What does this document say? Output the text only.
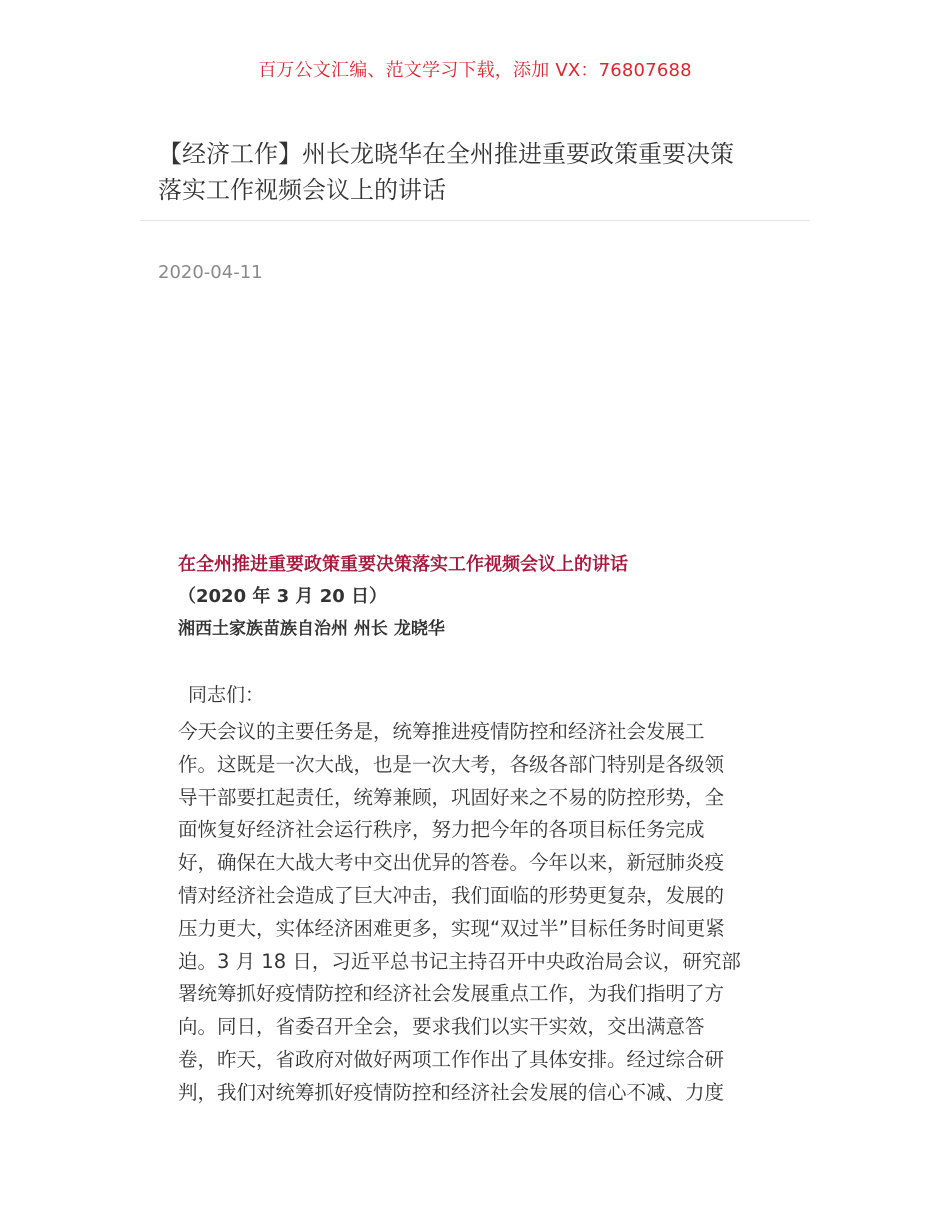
百万公文汇编、范文学习下载，添加 VX：76807688
【经济工作】州长龙晓华在全州推进重要政策重要决策
落实工作视频会议上的讲话
2020-04-11
在全州推进重要政策重要决策落实工作视频会议上的讲话
（2020 年 3 月 20 日）
湘西土家族苗族自治州 州长 龙晓华
同志们：
今天会议的主要任务是，统筹推进疫情防控和经济社会发展工
作。这既是一次大战，也是一次大考，各级各部门特别是各级领
导干部要扛起责任，统筹兼顾，巩固好来之不易的防控形势，全
面恢复好经济社会运行秩序，努力把今年的各项目标任务完成
好，确保在大战大考中交出优异的答卷。今年以来，新冠肺炎疫
情对经济社会造成了巨大冲击，我们面临的形势更复杂，发展的
压力更大，实体经济困难更多，实现“双过半”目标任务时间更紧
迫。3 月 18 日，习近平总书记主持召开中央政治局会议，研究部
署统筹抓好疫情防控和经济社会发展重点工作，为我们指明了方
向。同日，省委召开全会，要求我们以实干实效，交出满意答
卷，昨天，省政府对做好两项工作作出了具体安排。经过综合研
判，我们对统筹抓好疫情防控和经济社会发展的信心不减、力度
